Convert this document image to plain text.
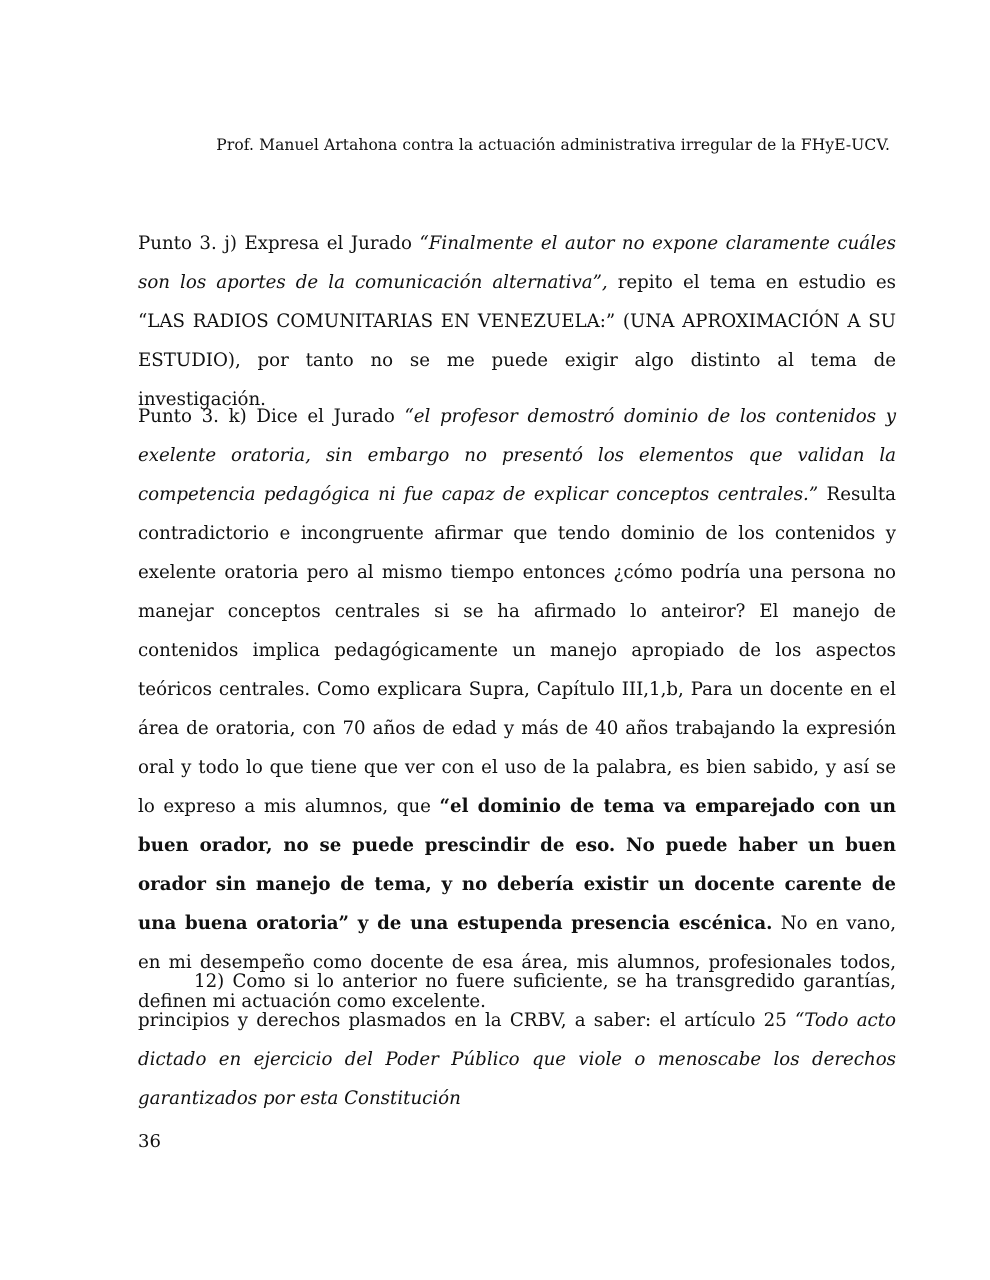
Prof. Manuel Artahona contra la actuación administrativa irregular de la FHyE-UCV.

Punto 3. j) Expresa el Jurado “Finalmente el autor no expone claramente cuáles son los aportes de la comunicación alternativa”, repito el tema en estudio es “LAS RADIOS COMUNITARIAS EN VENEZUELA:” (UNA APROXIMACIÓN A SU ESTUDIO), por tanto no se me puede exigir algo distinto al tema de investigación.

Punto 3. k) Dice el Jurado “el profesor demostró dominio de los contenidos y exelente oratoria, sin embargo no presentó los elementos que validan la competencia pedagógica ni fue capaz de explicar conceptos centrales.” Resulta contradictorio e incongruente afirmar que tendo dominio de los contenidos y exelente oratoria pero al mismo tiempo entonces ¿cómo podría una persona no manejar conceptos centrales si se ha afirmado lo anteiror? El manejo de contenidos implica pedagógicamente un manejo apropiado de los aspectos teóricos centrales. Como explicara Supra, Capítulo III,1,b, Para un docente en el área de oratoria, con 70 años de edad y más de 40 años trabajando la expresión oral y todo lo que tiene que ver con el uso de la palabra, es bien sabido, y así se lo expreso a mis alumnos, que “el dominio de tema va emparejado con un buen orador, no se puede prescindir de eso. No puede haber un buen orador sin manejo de tema, y no debería existir un docente carente de una buena oratoria” y de una estupenda presencia escénica. No en vano, en mi desempeño como docente de esa área, mis alumnos, profesionales todos, definen mi actuación como excelente.

12) Como si lo anterior no fuere suficiente, se ha transgredido garantías, principios y derechos plasmados en la CRBV, a saber: el artículo 25 “Todo acto dictado en ejercicio del Poder Público que viole o menoscabe los derechos garantizados por esta Constitución

36
